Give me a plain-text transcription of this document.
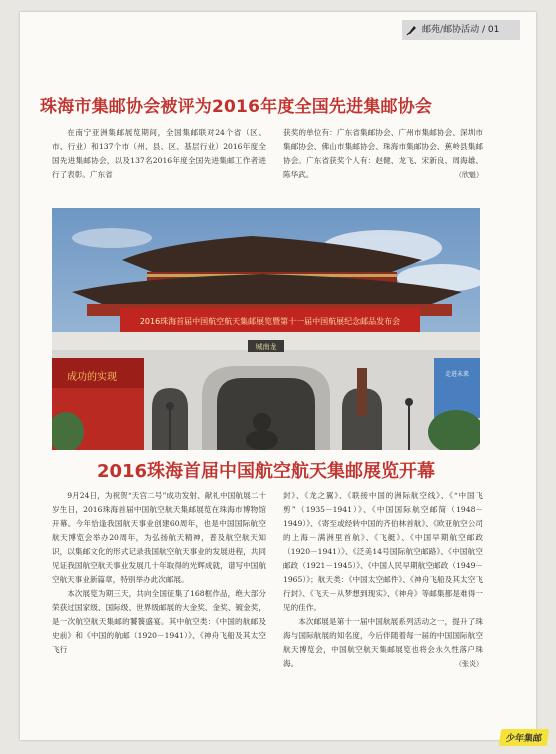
邮苑/邮协活动 / 01
珠海市集邮协会被评为2016年度全国先进集邮协会

在南宁亚洲集邮展览期间，全国集邮联对24个省（区、市、行业）和137个市（州、县、区、基层行业）2016年度全国先进集邮协会，以及137名2016年度全国先进集邮工作者进行了表彰。广东省

获奖的单位有：广东省集邮协会、广州市集邮协会、深圳市集邮协会、佛山市集邮协会、珠海市集邮协会、蕉岭县集邮协会。广东省获奖个人有：赵健、龙飞、宋新良、周海雄、陈华武。	（欣魁）

2016珠海首届中国航空航天集邮展览暨第十一届中国航展纪念邮品发布会
城南龙
成功的实现	走进未来
2016珠海首届中国航空航天集邮展览开幕

9月24日，为祝贺“天宫二号”成功发射、献礼中国航展二十岁生日，2016珠海首届中国航空航天集邮展览在珠海市博物馆开幕。今年恰逢我国航天事业创建60周年，也是中国国际航空航天博览会举办20周年，为弘扬航天精神，普及航空航天知识，以集邮文化的形式记录我国航空航天事业的发展进程，共同见证我国航空航天事业发展几十年取得的光辉成就，谱写中国航空航天事业新篇章，特别举办此次邮展。

本次展览为期三天，共向全国征集了168框作品，绝大部分荣获过国家级、国际级、世界级邮展的大金奖、金奖、镀金奖，是一次航空航天集邮的饕餮盛宴。其中航空类：《中国的航邮及史前》和《中国的航邮（1920－1941）》、《神舟飞船及其太空飞行

封》、《龙之翼》、《联接中国的洲际航空线》、《“中国飞剪”（1935－1941）》、《中国国际航空邮简（1948－1949）》、《寄至或经转中国的齐伯林首航》、《欧亚航空公司的上海－满洲里首航》、《飞艇》、《中国早期航空邮政（1920－1941）》、《泛美14号国际航空邮路》、《中国航空邮政（1921－1945）》、《中国人民早期航空邮政（1949－1965）》；航天类：《中国太空邮件》、《神舟飞船及其太空飞行封》、《飞天－从梦想到现实》、《神舟》等邮集都是难得一见的佳作。

本次邮展是第十一届中国航展系列活动之一，提升了珠海与国际航展的知名度，今后伴随着每一届的中国国际航空航天博览会，中国航空航天集邮展览也将会永久性落户珠海。	（张炎）

少年集邮
